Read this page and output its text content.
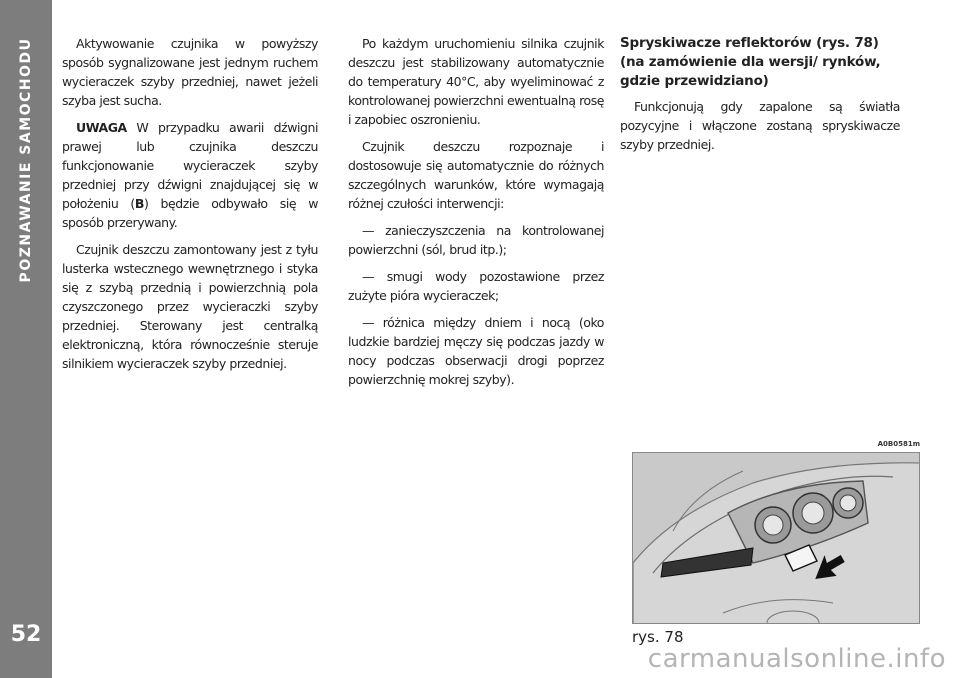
POZNAWANIE SAMOCHODU
52

Aktywowanie czujnika w powyższy sposób sygnalizowane jest jednym ruchem wycieraczek szyby przedniej, nawet jeżeli szyba jest sucha.

UWAGA W przypadku awarii dźwigni prawej lub czujnika deszczu funkcjonowanie wycieraczek szyby przedniej przy dźwigni znajdującej się w położeniu (B) będzie odbywało się w sposób przerywany.

Czujnik deszczu zamontowany jest z tyłu lusterka wstecznego wewnętrznego i styka się z szybą przednią i powierzchnią pola czyszczonego przez wycieraczki szyby przedniej. Sterowany jest centralką elektroniczną, która równocześnie steruje silnikiem wycieraczek szyby przedniej.

Po każdym uruchomieniu silnika czujnik deszczu jest stabilizowany automatycznie do temperatury 40°C, aby wyeliminować z kontrolowanej powierzchni ewentualną rosę i zapobiec oszronieniu.

Czujnik deszczu rozpoznaje i dostosowuje się automatycznie do różnych szczególnych warunków, które wymagają różnej czułości interwencji:

— zanieczyszczenia na kontrolowanej powierzchni (sól, brud itp.);

— smugi wody pozostawione przez zużyte pióra wycieraczek;

— różnica między dniem i nocą (oko ludzkie bardziej męczy się podczas jazdy w nocy podczas obserwacji drogi poprzez powierzchnię mokrej szyby).

Spryskiwacze reflektorów (rys. 78) (na zamówienie dla wersji/ rynków, gdzie przewidziano)

Funkcjonują gdy zapalone są światła pozycyjne i włączone zostaną spryskiwacze szyby przedniej.

A0B0581m
rys. 78
carmanualsonline.info
